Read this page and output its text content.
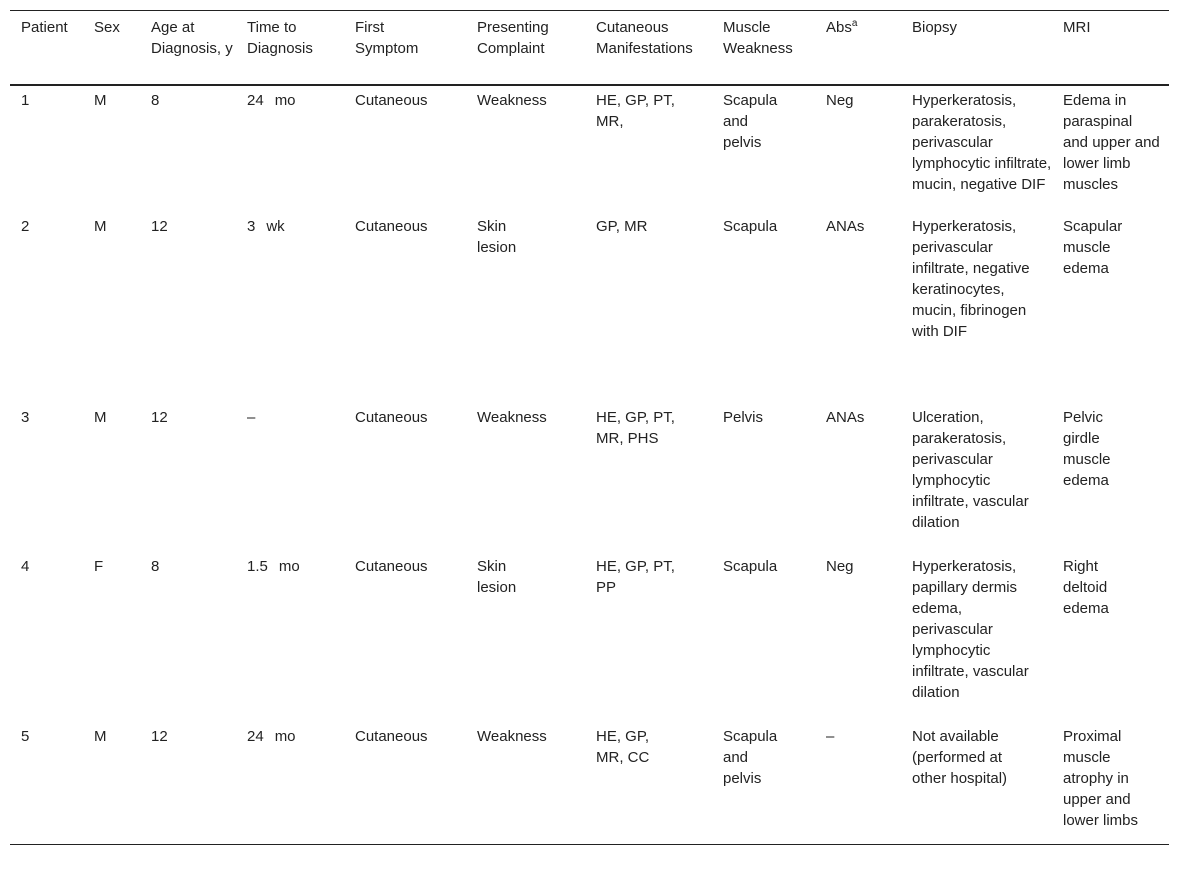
Patient	Sex	Age at Diagnosis, y	Time to Diagnosis	First Symptom	Presenting Complaint	Cutaneous Manifestations	Muscle Weakness	Abs$^a$	Biopsy	MRI
1	M	8	24 mo	Cutaneous	Weakness	HE, GP, PT, MR,	Scapula and pelvis	Neg	Hyperkeratosis, parakeratosis, perivascular lymphocytic infiltrate, mucin, negative DIF	Edema in paraspinal and upper and lower limb muscles
2	M	12	3 wk	Cutaneous	Skin lesion	GP, MR	Scapula	ANAs	Hyperkeratosis, perivascular infiltrate, negative keratinocytes, mucin, fibrinogen with DIF	Scapular muscle edema
3	M	12	–	Cutaneous	Weakness	HE, GP, PT, MR, PHS	Pelvis	ANAs	Ulceration, parakeratosis, perivascular lymphocytic infiltrate, vascular dilation	Pelvic girdle muscle edema
4	F	8	1.5 mo	Cutaneous	Skin lesion	HE, GP, PT, PP	Scapula	Neg	Hyperkeratosis, papillary dermis edema, perivascular lymphocytic infiltrate, vascular dilation	Right deltoid edema
5	M	12	24 mo	Cutaneous	Weakness	HE, GP, MR, CC	Scapula and pelvis	–	Not available (performed at other hospital)	Proximal muscle atrophy in upper and lower limbs
